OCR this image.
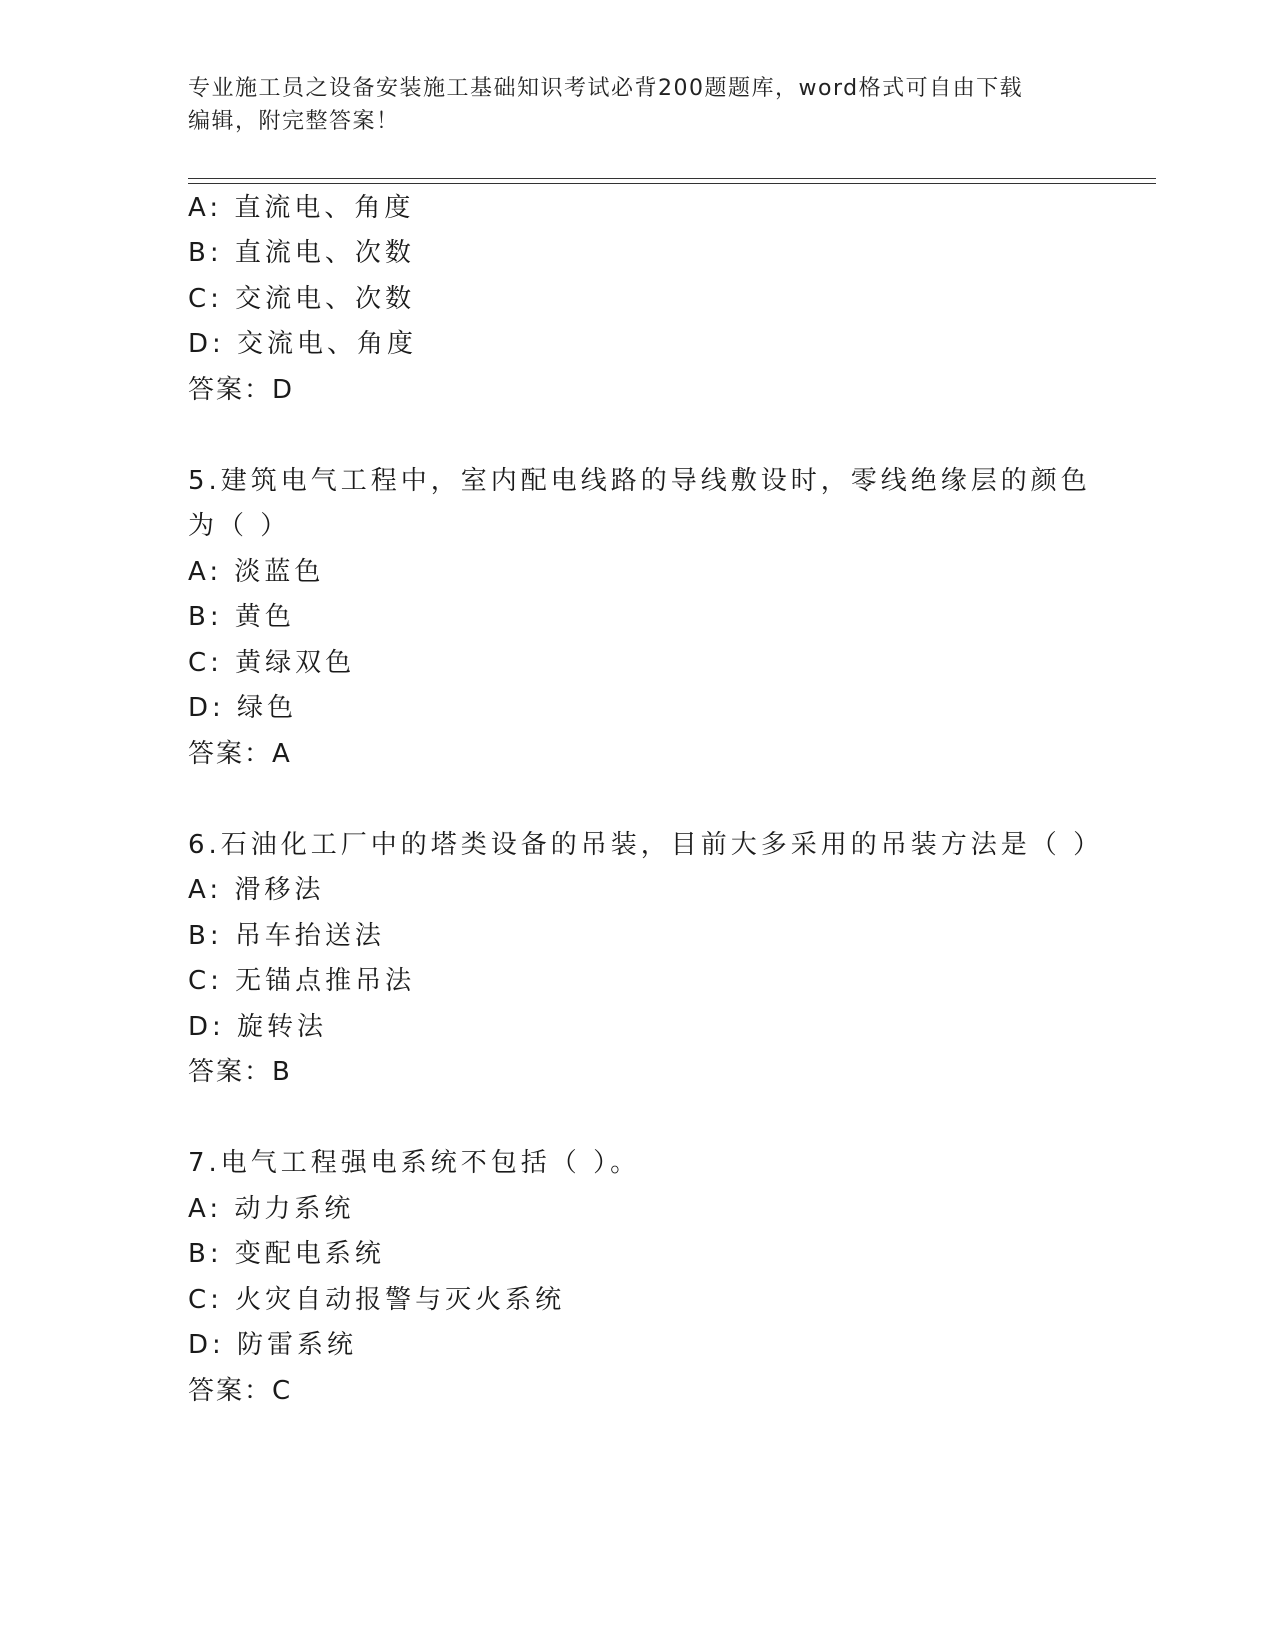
专业施工员之设备安装施工基础知识考试必背200题题库，word格式可自由下载
编辑，附完整答案！
A: 直流电、角度
B: 直流电、次数
C: 交流电、次数
D: 交流电、角度
答案：D
5.建筑电气工程中，室内配电线路的导线敷设时，零线绝缘层的颜色
为（ ）
A: 淡蓝色
B: 黄色
C: 黄绿双色
D: 绿色
答案：A
6.石油化工厂中的塔类设备的吊装，目前大多采用的吊装方法是（ ）
A: 滑移法
B: 吊车抬送法
C: 无锚点推吊法
D: 旋转法
答案：B
7.电气工程强电系统不包括（ ）。
A: 动力系统
B: 变配电系统
C: 火灾自动报警与灭火系统
D: 防雷系统
答案：C
